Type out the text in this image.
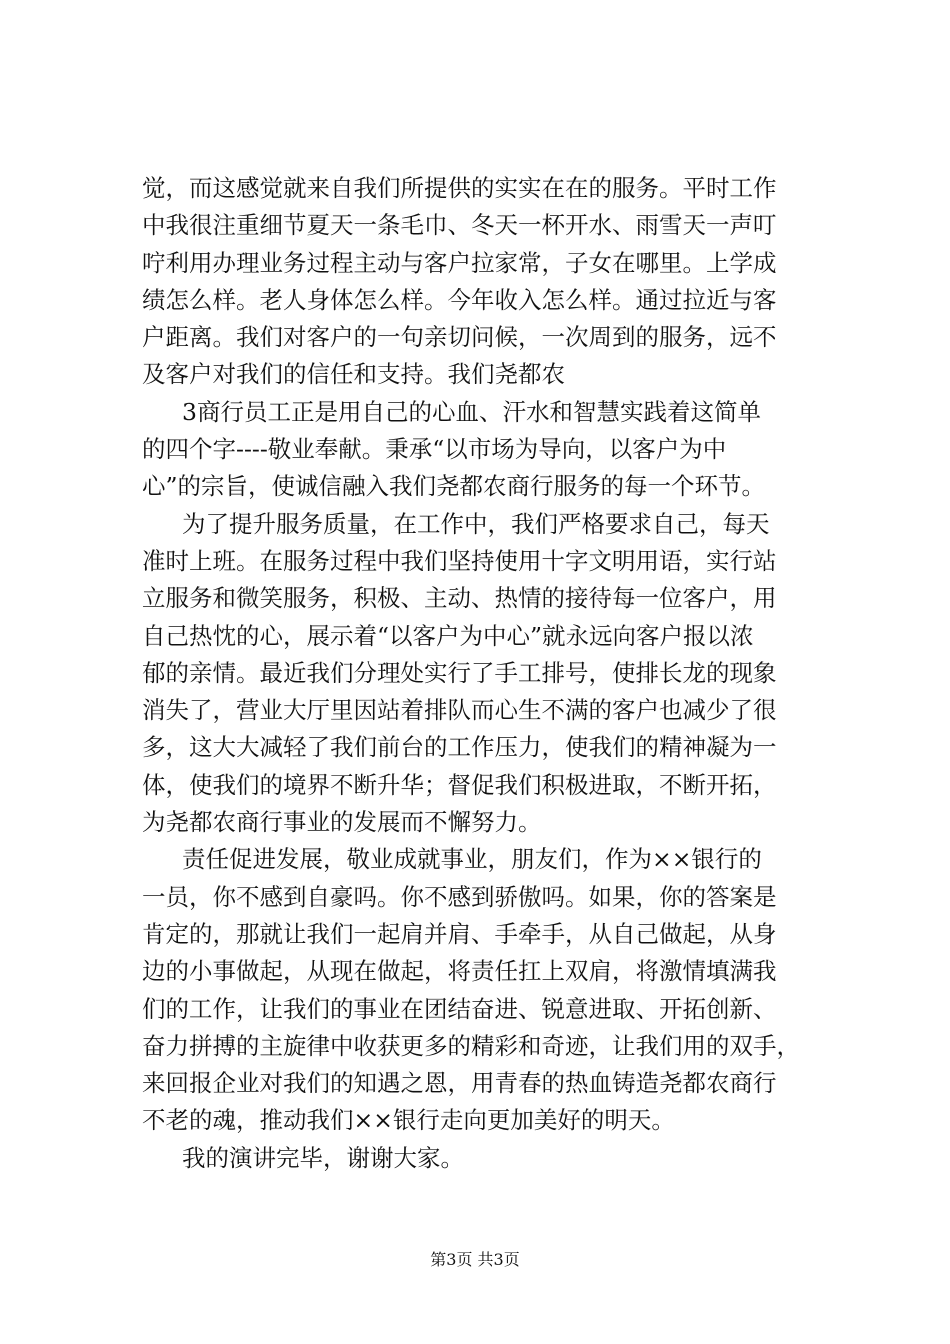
觉，而这感觉就来自我们所提供的实实在在的服务。平时工作
中我很注重细节夏天一条毛巾、冬天一杯开水、雨雪天一声叮
咛利用办理业务过程主动与客户拉家常，子女在哪里。上学成
绩怎么样。老人身体怎么样。今年收入怎么样。通过拉近与客
户距离。我们对客户的一句亲切问候，一次周到的服务，远不
及客户对我们的信任和支持。我们尧都农
3商行员工正是用自己的心血、汗水和智慧实践着这简单
的四个字----敬业奉献。秉承“以市场为导向，以客户为中
心”的宗旨，使诚信融入我们尧都农商行服务的每一个环节。
为了提升服务质量，在工作中，我们严格要求自己，每天
准时上班。在服务过程中我们坚持使用十字文明用语，实行站
立服务和微笑服务，积极、主动、热情的接待每一位客户，用
自己热忱的心，展示着“以客户为中心”就永远向客户报以浓
郁的亲情。最近我们分理处实行了手工排号，使排长龙的现象
消失了，营业大厅里因站着排队而心生不满的客户也减少了很
多，这大大减轻了我们前台的工作压力，使我们的精神凝为一
体，使我们的境界不断升华；督促我们积极进取，不断开拓，
为尧都农商行事业的发展而不懈努力。
责任促进发展，敬业成就事业，朋友们，作为××银行的
一员，你不感到自豪吗。你不感到骄傲吗。如果，你的答案是
肯定的，那就让我们一起肩并肩、手牵手，从自己做起，从身
边的小事做起，从现在做起，将责任扛上双肩，将激情填满我
们的工作，让我们的事业在团结奋进、锐意进取、开拓创新、
奋力拼搏的主旋律中收获更多的精彩和奇迹，让我们用的双手，
来回报企业对我们的知遇之恩，用青春的热血铸造尧都农商行
不老的魂，推动我们××银行走向更加美好的明天。
我的演讲完毕，谢谢大家。
第3页 共3页
